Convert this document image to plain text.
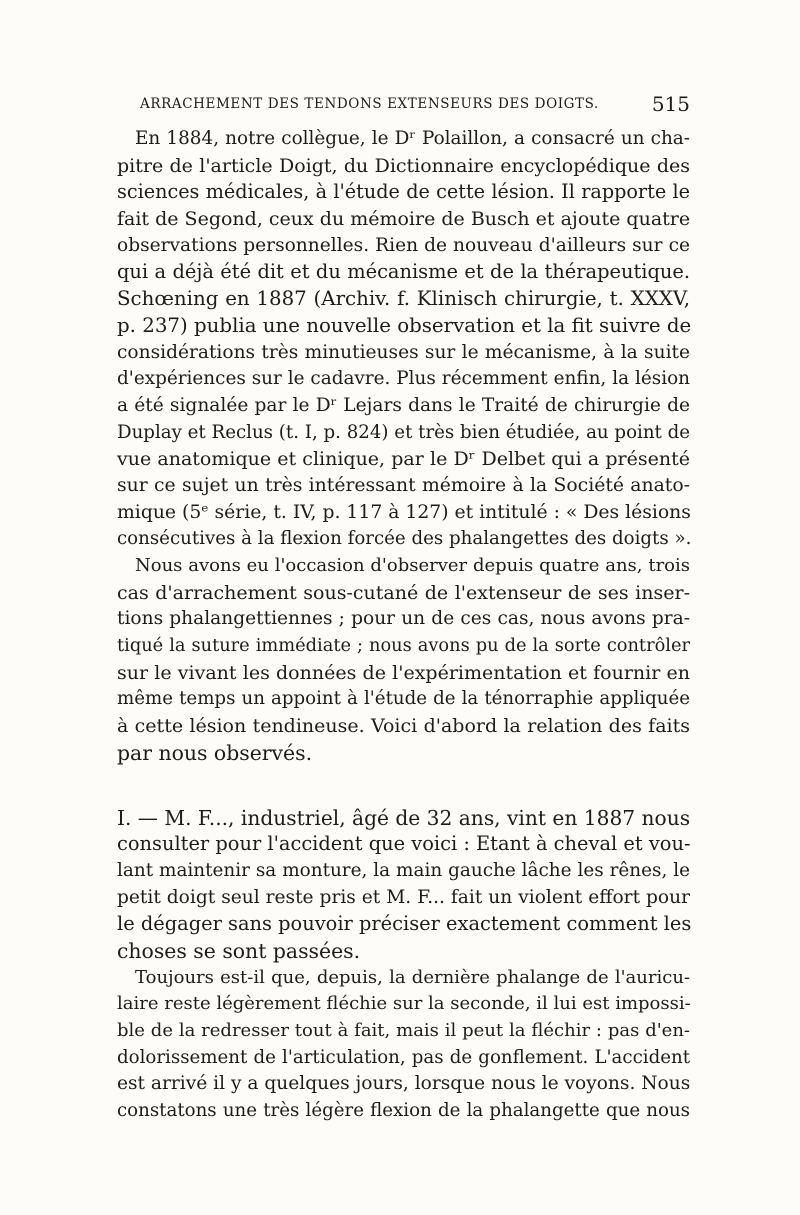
ARRACHEMENT DES TENDONS EXTENSEURS DES DOIGTS.	515
En 1884, notre collègue, le Dʳ Polaillon, a consacré un cha-
pitre de l'article Doigt, du Dictionnaire encyclopédique des
sciences médicales, à l'étude de cette lésion. Il rapporte le
fait de Segond, ceux du mémoire de Busch et ajoute quatre
observations personnelles. Rien de nouveau d'ailleurs sur ce
qui a déjà été dit et du mécanisme et de la thérapeutique.
Schœning en 1887 (Archiv. f. Klinisch chirurgie, t. XXXV,
p. 237) publia une nouvelle observation et la fit suivre de
considérations très minutieuses sur le mécanisme, à la suite
d'expériences sur le cadavre. Plus récemment enfin, la lésion
a été signalée par le Dʳ Lejars dans le Traité de chirurgie de
Duplay et Reclus (t. I, p. 824) et très bien étudiée, au point de
vue anatomique et clinique, par le Dʳ Delbet qui a présenté
sur ce sujet un très intéressant mémoire à la Société anato-
mique (5ᵉ série, t. IV, p. 117 à 127) et intitulé : « Des lésions
consécutives à la flexion forcée des phalangettes des doigts ».
Nous avons eu l'occasion d'observer depuis quatre ans, trois
cas d'arrachement sous-cutané de l'extenseur de ses inser-
tions phalangettiennes ; pour un de ces cas, nous avons pra-
tiqué la suture immédiate ; nous avons pu de la sorte contrôler
sur le vivant les données de l'expérimentation et fournir en
même temps un appoint à l'étude de la ténorraphie appliquée
à cette lésion tendineuse. Voici d'abord la relation des faits
par nous observés.
I. — M. F..., industriel, âgé de 32 ans, vint en 1887 nous
consulter pour l'accident que voici : Etant à cheval et vou-
lant maintenir sa monture, la main gauche lâche les rênes, le
petit doigt seul reste pris et M. F... fait un violent effort pour
le dégager sans pouvoir préciser exactement comment les
choses se sont passées.
Toujours est-il que, depuis, la dernière phalange de l'auricu-
laire reste légèrement fléchie sur la seconde, il lui est impossi-
ble de la redresser tout à fait, mais il peut la fléchir : pas d'en-
dolorissement de l'articulation, pas de gonflement. L'accident
est arrivé il y a quelques jours, lorsque nous le voyons. Nous
constatons une très légère flexion de la phalangette que nous
